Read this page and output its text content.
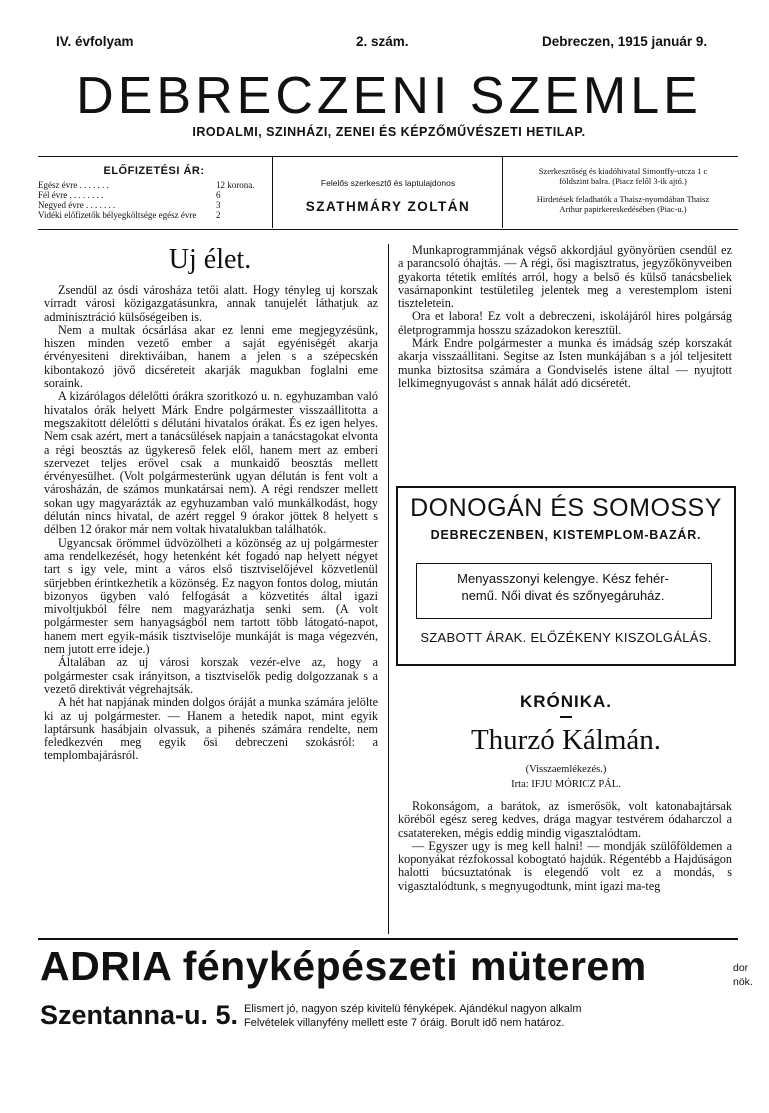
IV. évfolyam	2. szám.	Debreczen, 1915 január 9.
DEBRECZENI SZEMLE
IRODALMI, SZINHÁZI, ZENEI ÉS KÉPZŐMŰVÉSZETI HETILAP.
ELŐFIZETÉSI ÁR:
Egész évre . . . . . . .	12 korona.
Fél évre . . . . . . . .	6
Negyed évre . . . . . . .	3
Vidéki előfizetők bélyegköltsége egész évre 2
Felelős szerkesztő és laptulajdonos
SZATHMÁRY ZOLTÁN
Szerkesztőség és kiadóhivatal Simonffy-utcza 1 c
földszint balra. (Piacz felől 3-ik ajtó.)
Hirdetések feladhatók a Thaisz-nyomdában Thaisz
Arthur papirkereskedésében (Piac-u.)
Uj élet.

Zsendül az ósdi városháza tetői alatt. Hogy tényleg uj korszak virradt városi közigazgatásunkra, annak tanujelét láthatjuk az adminisztráció külsőségeiben is.

Nem a multak ócsárlása akar ez lenni eme megjegyzésünk, hiszen minden vezető ember a saját egyéniségét akarja érvényesiteni direktiváiban, hanem a jelen s a szépecskén kibontakozó jövő dicséreteit akarják magukban foglalni eme soraink.

A kizárólagos délelőtti órákra szoritkozó u. n. egyhuzamban való hivatalos órák helyett Márk Endre polgármester visszaállitotta a megszakitott délelőtti s délutáni hivatalos órákat. És ez igen helyes. Nem csak azért, mert a tanácsülések napjain a tanácstagokat elvonta a régi beosztás az ügykereső felek elől, hanem mert az emberi szervezet teljes erővel csak a munkaidő beosztás mellett érvényesülhet. (Volt polgármesterünk ugyan délután is fent volt a városházán, de számos munkatársai nem). A régi rendszer mellett sokan ugy magyarázták az egyhuzamban való munkálkodást, hogy délután nincs hivatal, de azért reggel 9 órakor jöttek 8 helyett s délben 12 órakor már nem voltak hivatalukban találhatók.

Ugyancsak örömmel üdvözölheti a közönség az uj polgármester ama rendelkezését, hogy hetenként két fogadó nap helyett négyet tart s igy vele, mint a város első tisztviselőjével közvetlenül sürjebben érintkezhetik a közönség. Ez nagyon fontos dolog, miután bizonyos ügyben való felfogását a közvetités által igazi mivoltjukból félre nem magyarázhatja senki sem. (A volt polgármester sem hanyagságból nem tartott több látogató-napot, hanem mert egyik-másik tisztviselője munkáját is maga végezvén, nem jutott erre ideje.)

Általában az uj városi korszak vezér-elve az, hogy a polgármester csak irányitson, a tisztviselők pedig dolgozzanak s a vezető direktivát végrehajtsák.

A hét hat napjának minden dolgos óráját a munka számára jelölte ki az uj polgármester. — Hanem a hetedik napot, mint egyik laptársunk hasábjain olvassuk, a pihenés számára rendelte, nem feledkezvén meg egyik ősi debreczeni szokásról: a templombajárásról.

Munkaprogrammjának végső akkordjául gyönyörüen csendül ez a parancsoló óhajtás. — A régi, ősi magisztratus, jegyzőkönyveiben gyakorta tétetik említés arról, hogy a belső és külső tanácsbeliek vasárnaponkint testületileg jelentek meg a verestemplom isteni tiszteletein.

Ora et labora! Ez volt a debreczeni, iskolájáról hires polgárság életprogrammja hosszu századokon keresztül.

Márk Endre polgármester a munka és imádság szép korszakát akarja visszaállitani. Segitse az Isten munkájában s a jól teljesitett munka biztositsa számára a Gondviselés istene által — nyujtott lelkimegnyugovást s annak hálát adó dicséretét.

DONOGÁN ÉS SOMOSSY
DEBRECZENBEN, KISTEMPLOM-BAZÁR.
Menyasszonyi kelengye. Kész fehér-
nemű. Női divat és szőnyegáruház.
SZABOTT ÁRAK. ELŐZÉKENY KISZOLGÁLÁS.
KRÓNIKA.
Thurzó Kálmán.
(Visszaemlékezés.)
Irta: IFJU MÓRICZ PÁL.

Rokonságom, a barátok, az ismerősök, volt katonabajtársak köréből egész sereg kedves, drága magyar testvérem ódaharczol a csatatereken, mégis eddig mindig vigasztalódtam.

— Egyszer ugy is meg kell halni! — mondják szülőföldemen a koponyákat rézfokossal kobogtató hajdúk. Régentébb a Hajdúságon halotti búcsuztatónak is elegendő volt ez a mondás, s vigasztalódtunk, s megnyugodtunk, mint igazi ma-teg

ADRIA fényképészeti müterem	dor
nök.
Szentanna-u. 5. Elismert jó, nagyon szép kivitelü fényképek. Ajándékul nagyon alkalm
Felvételek villanyfény mellett este 7 óráig. Borult idő nem határoz.
